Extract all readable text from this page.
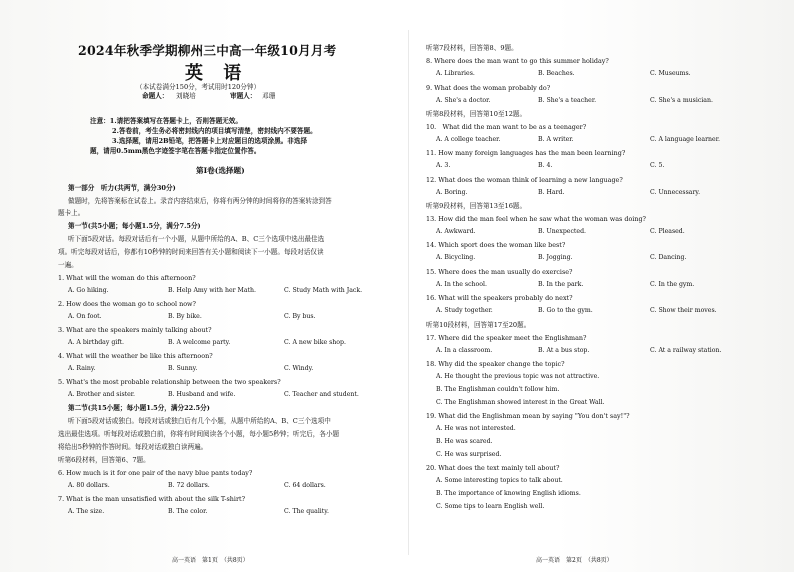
2024年秋季学期柳州三中高一年级10月月考
英 语
（本试卷满分150分，考试用时120分钟）
命题人： 刘晓培	审题人： 邓珊
注意：1.请把答案填写在答题卡上，否则答题无效。
2.答卷前，考生务必将密封线内的项目填写清楚，密封线内不要答题。
3.选择题，请用2B铅笔，把答题卡上对应题目的选项涂黑。非选择
题，请用0.5mm黑色字迹签字笔在答题卡指定位置作答。
第Ⅰ卷(选择题)
第一部分　听力(共两节，满分30分)
做题时，先将答案标在试卷上。录音内容结束后，你将有两分钟的时间将你的答案转涂到答
题卡上。
第一节(共5小题；每小题1.5分，满分7.5分)
听下面5段对话。每段对话后有一个小题，从题中所给的A、B、C三个选项中选出最佳选
项。听完每段对话后，你都有10秒钟的时间来回答有关小题和阅读下一小题。每段对话仅读
一遍。
1. What will the woman do this afternoon?
A. Go hiking.	B. Help Amy with her Math.	C. Study Math with Jack.
2. How does the woman go to school now?
A. On foot.	B. By bike.	C. By bus.
3. What are the speakers mainly talking about?
A. A birthday gift.	B. A welcome party.	C. A new bike shop.
4. What will the weather be like this afternoon?
A. Rainy.	B. Sunny.	C. Windy.
5. What's the most probable relationship between the two speakers?
A. Brother and sister.	B. Husband and wife.	C. Teacher and student.
第二节(共15小题；每小题1.5分，满分22.5分)
听下面5段对话或独白。每段对话或独白后有几个小题，从题中所给的A、B、C三个选项中
选出最佳选项。听每段对话或独白前，你将有时间阅读各个小题，每小题5秒钟；听完后，各小题
将给出5秒钟的作答时间。每段对话或独白读两遍。
听第6段材料，回答第6、7题。
6. How much is it for one pair of the navy blue pants today?
A. 80 dollars.	B. 72 dollars.	C. 64 dollars.
7. What is the man unsatisfied with about the silk T-shirt?
A. The size.	B. The color.	C. The quality.
高一英语　第1页　（共8页）
听第7段材料，回答第8、9题。
8. Where does the man want to go this summer holiday?
A. Libraries.	B. Beaches.	C. Museums.
9. What does the woman probably do?
A. She's a doctor.	B. She's a teacher.	C. She's a musician.
听第8段材料，回答第10至12题。
10.　What did the man want to be as a teenager?
A. A college teacher.	B. A writer.	C. A language learner.
11. How many foreign languages has the man been learning?
A. 3.	B. 4.	C. 5.
12. What does the woman think of learning a new language?
A. Boring.	B. Hard.	C. Unnecessary.
听第9段材料，回答第13至16题。
13. How did the man feel when he saw what the woman was doing?
A. Awkward.	B. Unexpected.	C. Pleased.
14. Which sport does the woman like best?
A. Bicycling.	B. Jogging.	C. Dancing.
15. Where does the man usually do exercise?
A. In the school.	B. In the park.	C. In the gym.
16. What will the speakers probably do next?
A. Study together.	B. Go to the gym.	C. Show their moves.
听第10段材料，回答第17至20题。
17. Where did the speaker meet the Englishman?
A. In a classroom.	B. At a bus stop.	C. At a railway station.
18. Why did the speaker change the topic?
A. He thought the previous topic was not attractive.
B. The Englishman couldn't follow him.
C. The Englishman showed interest in the Great Wall.
19. What did the Englishman mean by saying "You don't say!"?
A. He was not interested.
B. He was scared.
C. He was surprised.
20. What does the text mainly tell about?
A. Some interesting topics to talk about.
B. The importance of knowing English idioms.
C. Some tips to learn English well.
高一英语　第2页　（共8页）
